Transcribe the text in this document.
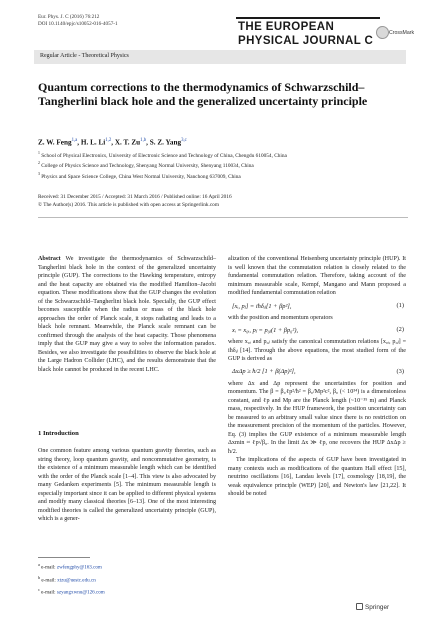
Eur. Phys. J. C (2016) 76:212
DOI 10.1140/epjc/s10052-016-4057-1	THE EUROPEAN
PHYSICAL JOURNAL C
CrossMark
Regular Article - Theoretical Physics
Quantum corrections to the thermodynamics of Schwarzschild–Tangherlini black hole and the generalized uncertainty principle
Z. W. Feng$^{1,a}$, H. L. Li$^{1,2}$, X. T. Zu$^{1,b}$, S. Z. Yang$^{3,c}$
$^1$ School of Physical Electronics, University of Electronic Science and Technology of China, Chengdu 610054, China
$^2$ College of Physics Science and Technology, Shenyang Normal University, Shenyang 110034, China
$^3$ Physics and Space Science College, China West Normal University, Nanchong 637009, China
Received: 31 December 2015 / Accepted: 31 March 2016 / Published online: 16 April 2016
© The Author(s) 2016. This article is published with open access at Springerlink.com
Abstract We investigate the thermodynamics of Schwarzschild–Tangherlini black hole in the context of the generalized uncertainty principle (GUP). The corrections to the Hawking temperature, entropy and the heat capacity are obtained via the modified Hamilton–Jacobi equation. These modifications show that the GUP changes the evolution of the Schwarzschild–Tangherlini black hole. Specially, the GUP effect becomes susceptible when the radius or mass of the black hole approaches the order of Planck scale, it stops radiating and leads to a black hole remnant. Meanwhile, the Planck scale remnant can be confirmed through the analysis of the heat capacity. Those phenomena imply that the GUP may give a way to solve the information paradox. Besides, we also investigate the possibilities to observe the black hole at the Large Hadron Collider (LHC), and the results demonstrate that the black hole cannot be produced in the recent LHC.
1 Introduction
One common feature among various quantum gravity theories, such as string theory, loop quantum gravity, and noncommutative geometry, is the existence of a minimum measurable length which can be identified with the order of the Planck scale [1–4]. This view is also advocated by many Gedanken experiments [5]. The minimum measurable length is especially important since it can be applied to different physical systems and modify many classical theories [6–13]. One of the most interesting modified theories is called the generalized uncertainty principle (GUP), which is a gener-
$^a$ e-mail: zwfengphy@163.com
$^b$ e-mail: xtzu@uestc.edu.cn
$^c$ e-mail: szyangxwnu@126.com
alization of the conventional Heisenberg uncertainty principle (HUP). It is well known that the commutation relation is closely related to the fundamental commutation relation. Therefore, taking account of the minimum measurable scale, Kempf, Mangano and Mann proposed a modified fundamental commutation relation
[xᵢ, pⱼ] = iħδᵢⱼ[1 + βp²],	(1)
with the position and momentum operators
xᵢ = x₀ᵢ, pⱼ = p₀ⱼ(1 + βp₀²),	(2)
where x₀ᵢ and p₀ⱼ satisfy the canonical commutation relations [x₀ᵢ, p₀ⱼ] = iħδᵢⱼ [14]. Through the above equations, the most studied form of the GUP is derived as
ΔxΔp ≥ ħ/2 [1 + β(Δp)²],	(3)
where Δx and Δp represent the uncertainties for position and momentum. The β = β₀ℓp²/ħ² = β₀/Mp²c², β₀ (< 10³⁴) is a dimensionless constant, and ℓp and Mp are the Planck length (~10⁻³⁵ m) and Planck mass, respectively. In the HUP framework, the position uncertainty can be measured to an arbitrary small value since there is no restriction on the measurement precision of the momentum of the particles. However, Eq. (3) implies the GUP existence of a minimum measurable length Δxmin ≈ ℓp√β₀. In the limit Δx ≫ ℓp, one recovers the HUP ΔxΔp ≥ ħ/2.
The implications of the aspects of GUP have been investigated in many contexts such as modifications of the quantum Hall effect [15], neutrino oscillations [16], Landau levels [17], cosmology [18,19], the weak equivalence principle (WEP) [20], and Newton's law [21,22]. It should be noted
Springer
